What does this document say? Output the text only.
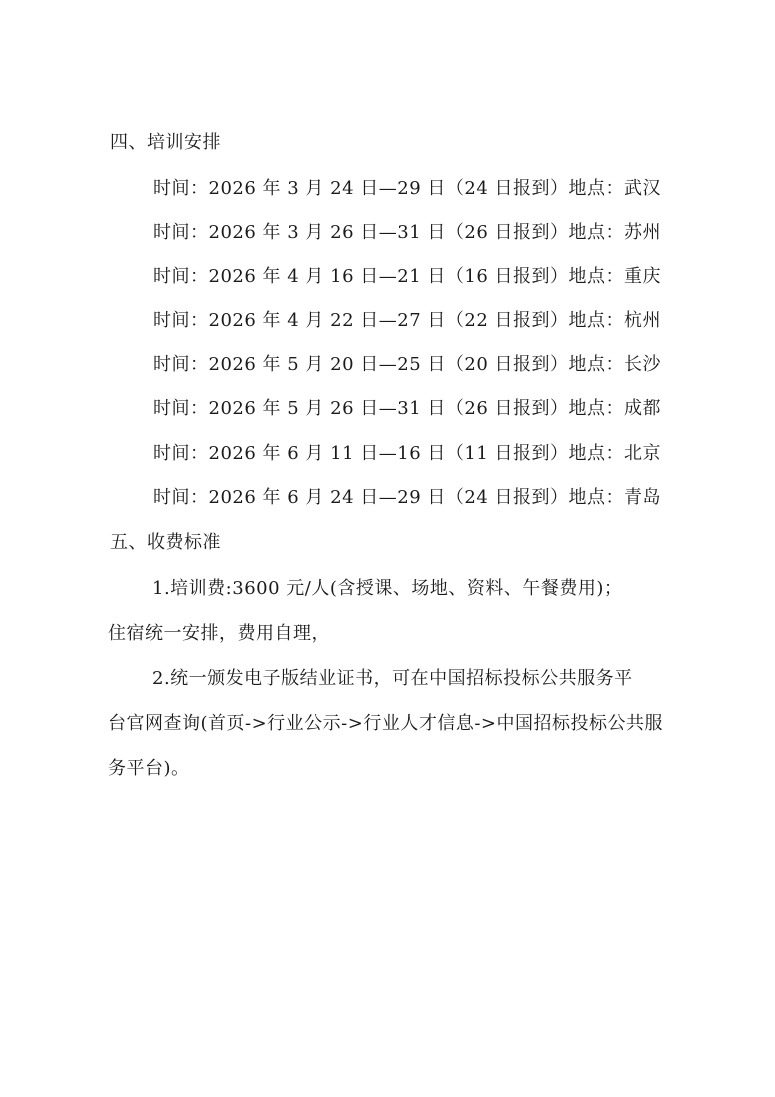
四、培训安排
时间：2026 年 3 月 24 日—29 日（24 日报到）地点：武汉
时间：2026 年 3 月 26 日—31 日（26 日报到）地点：苏州
时间：2026 年 4 月 16 日—21 日（16 日报到）地点：重庆
时间：2026 年 4 月 22 日—27 日（22 日报到）地点：杭州
时间：2026 年 5 月 20 日—25 日（20 日报到）地点：长沙
时间：2026 年 5 月 26 日—31 日（26 日报到）地点：成都
时间：2026 年 6 月 11 日—16 日（11 日报到）地点：北京
时间：2026 年 6 月 24 日—29 日（24 日报到）地点：青岛
五、收费标准
1.培训费:3600 元/人(含授课、场地、资料、午餐费用)；
住宿统一安排，费用自理，
2.统一颁发电子版结业证书，可在中国招标投标公共服务平
台官网查询(首页->行业公示->行业人才信息->中国招标投标公共服
务平台)。
